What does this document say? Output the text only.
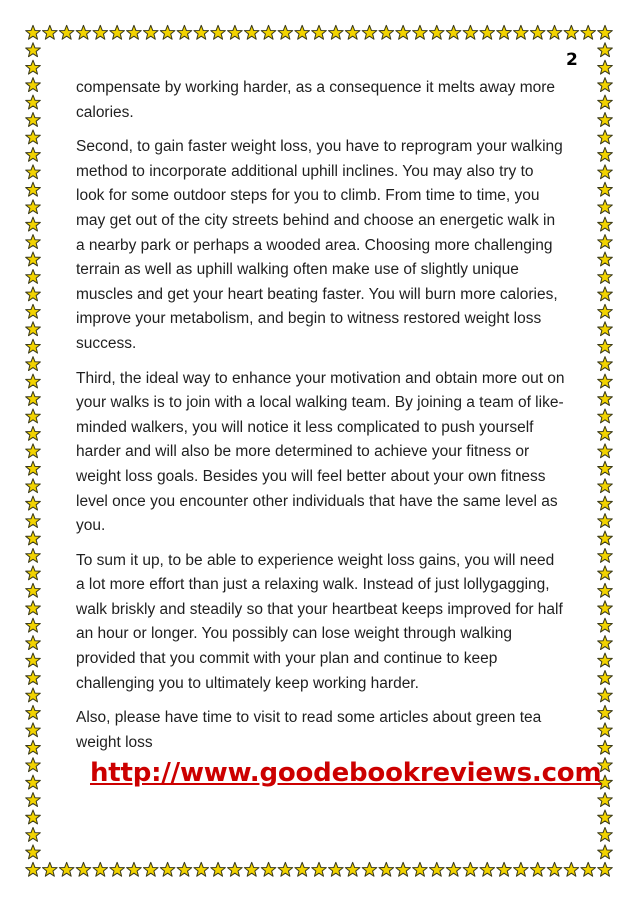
2

compensate by working harder, as a consequence it melts away more calories.

Second, to gain faster weight loss, you have to reprogram your walking method to incorporate additional uphill inclines. You may also try to look for some outdoor steps for you to climb. From time to time, you may get out of the city streets behind and choose an energetic walk in a nearby park or perhaps a wooded area. Choosing more challenging terrain as well as uphill walking often make use of slightly unique muscles and get your heart beating faster. You will burn more calories, improve your metabolism, and begin to witness restored weight loss success.

Third, the ideal way to enhance your motivation and obtain more out on your walks is to join with a local walking team. By joining a team of like-minded walkers, you will notice it less complicated to push yourself harder and will also be more determined to achieve your fitness or weight loss goals. Besides you will feel better about your own fitness level once you encounter other individuals that have the same level as you.

To sum it up, to be able to experience weight loss gains, you will need a lot more effort than just a relaxing walk. Instead of just lollygagging, walk briskly and steadily so that your heartbeat keeps improved for half an hour or longer. You possibly can lose weight through walking provided that you commit with your plan and continue to keep challenging you to ultimately keep working harder.

Also, please have time to visit to read some articles about green tea weight loss

http://www.goodebookreviews.com
